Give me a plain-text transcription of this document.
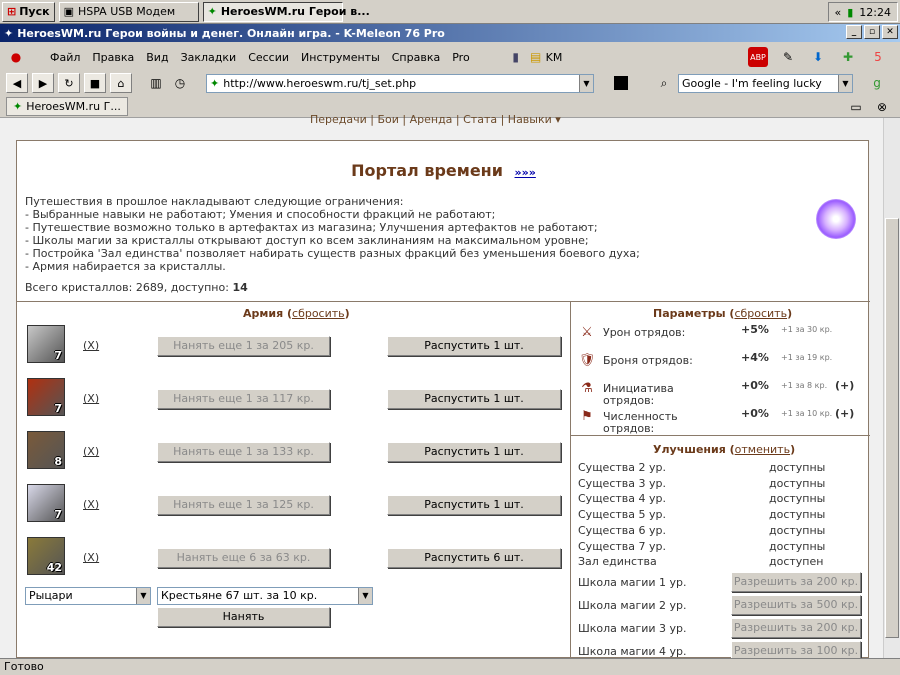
⊞ Пуск ▣ HSPA USB Модем	✦ HeroesWM.ru Герои в...	« ▮ 12:24
✦ HeroesWM.ru Герои войны и денег. Онлайн игра. - K-Meleon 76 Pro	_	▫	✕
●	Файл	Правка	Вид	Закладки	Сессии	Инструменты	Справка	Pro	▮ ▤ KM	ABP	✎	⬇	✚	5
◀	▶	↻	■	⌂	▥	◷	✦ http://www.heroeswm.ru/tj_set.php	▼	⌕	Google - I'm feeling lucky	▼	g
✦ HeroesWM.ru Г...	▭	⊗
Передачи | Бои | Аренда | Стата | Навыки ▾
Портал времени »»»
Путешествия в прошлое накладывают следующие ограничения:
- Выбранные навыки не работают; Умения и способности фракций не работают;
- Путешествие возможно только в артефактах из магазина; Улучшения артефактов не работают;
- Школы магии за кристаллы открывают доступ ко всем заклинаниям на максимальном уровне;
- Постройка 'Зал единства' позволяет набирать существ разных фракций без уменьшения боевого духа;
- Армия набирается за кристаллы.
Всего кристаллов: 2689, доступно: 14
Армия (сбросить)
7
(X)	Нанять еще 1 за 205 кр.	Распустить 1 шт.
7
(X)	Нанять еще 1 за 117 кр.	Распустить 1 шт.
8
(X)	Нанять еще 1 за 133 кр.	Распустить 1 шт.
7
(X)	Нанять еще 1 за 125 кр.	Распустить 1 шт.
42
(X)	Нанять еще 6 за 63 кр.	Распустить 6 шт.
Рыцари	▼	Крестьяне 67 шт. за 10 кр.	▼
Нанять
Параметры (сбросить)
⚔ Урон отрядов:	+5% +1 за 30 кр.
🛡 Броня отрядов:	+4% +1 за 19 кр.
⚗ Инициатива отрядов:
+0% +1 за 8 кр. (+)
⚑ Численность отрядов:
+0% +1 за 10 кр. (+)
Улучшения (отменить)
Существа 2 ур.	доступны
Существа 3 ур.	доступны
Существа 4 ур.	доступны
Существа 5 ур.	доступны
Существа 6 ур.	доступны
Существа 7 ур.	доступны
Зал единства	доступен
Школа магии 1 ур.	Разрешить за 200 кр.
Школа магии 2 ур.	Разрешить за 500 кр.
Школа магии 3 ур.	Разрешить за 200 кр.
Школа магии 4 ур.	Разрешить за 100 кр.
Готово
